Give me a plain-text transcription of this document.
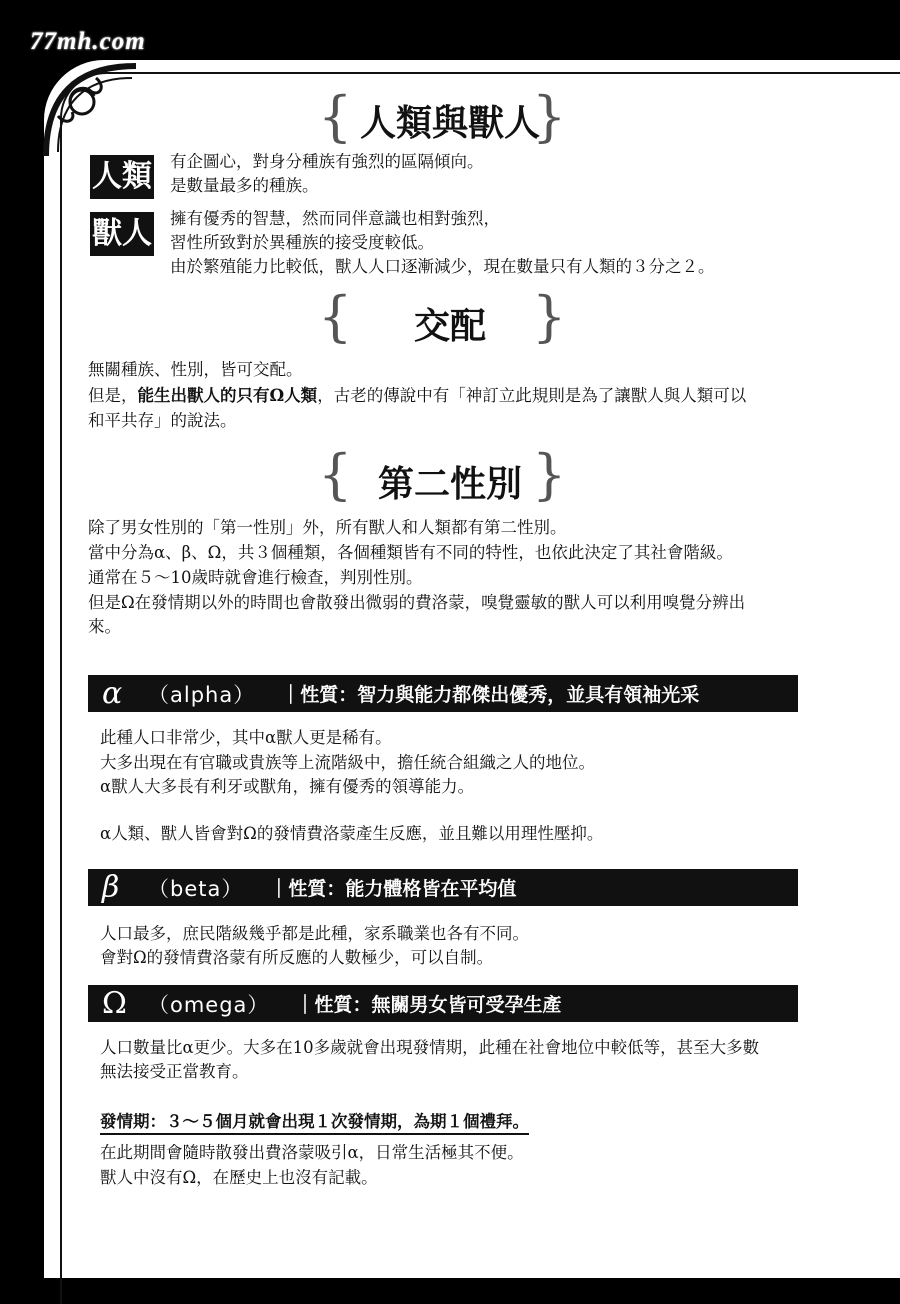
77mh.com
{ 人類與獸人
}
人類 有企圖心，對身分種族有強烈的區隔傾向。
是數量最多的種族。
獸人 擁有優秀的智慧，然而同伴意識也相對強烈，
習性所致對於異種族的接受度較低。
由於繁殖能力比較低，獸人人口逐漸減少，現在數量只有人類的３分之２。
{	交配 }
無關種族、性別，皆可交配。
但是，能生出獸人的只有Ω人類，古老的傳說中有「神訂立此規則是為了讓獸人與人類可以
和平共存」的說法。
{ 第二性別 }
除了男女性別的「第一性別」外，所有獸人和人類都有第二性別。
當中分為α、β、Ω，共３個種類，各個種類皆有不同的特性，也依此決定了其社會階級。
通常在５～10歲時就會進行檢查，判別性別。
但是Ω在發情期以外的時間也會散發出微弱的費洛蒙，嗅覺靈敏的獸人可以利用嗅覺分辨出
來。
α	（alpha） ｜性質：智力與能力都傑出優秀，並具有領袖光采
此種人口非常少，其中α獸人更是稀有。
大多出現在有官職或貴族等上流階級中，擔任統合組織之人的地位。
α獸人大多長有利牙或獸角，擁有優秀的領導能力。
α人類、獸人皆會對Ω的發情費洛蒙產生反應，並且難以用理性壓抑。
β	（beta） ｜性質：能力體格皆在平均值
人口最多，庶民階級幾乎都是此種，家系職業也各有不同。
會對Ω的發情費洛蒙有所反應的人數極少，可以自制。
Ω	（omega） ｜性質：無關男女皆可受孕生產
人口數量比α更少。大多在10多歲就會出現發情期，此種在社會地位中較低等，甚至大多數
無法接受正當教育。
發情期：３～５個月就會出現１次發情期，為期１個禮拜。
在此期間會隨時散發出費洛蒙吸引α，日常生活極其不便。
獸人中沒有Ω，在歷史上也沒有記載。
